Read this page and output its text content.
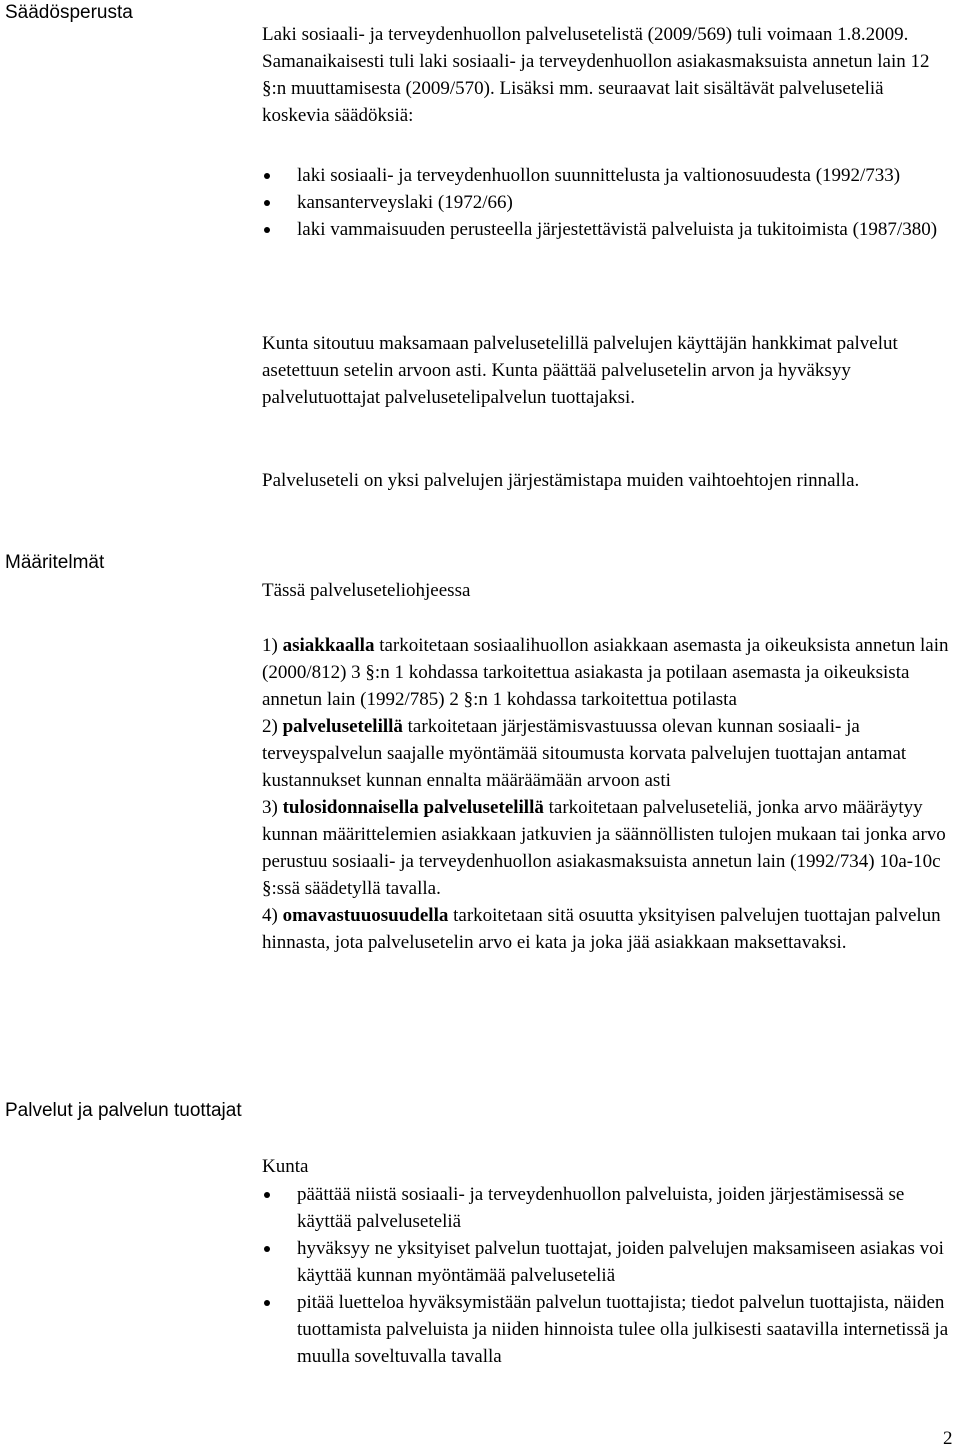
Säädösperusta

Laki sosiaali- ja terveydenhuollon palvelusetelistä (2009/569) tuli voimaan 1.8.2009. Samanaikaisesti tuli laki sosiaali- ja terveydenhuollon asiakasmaksuista annetun lain 12 §:n muuttamisesta (2009/570). Lisäksi mm. seuraavat lait sisältävät palveluseteliä koskevia säädöksiä:

laki sosiaali- ja terveydenhuollon suunnittelusta ja valtionosuudesta (1992/733)
kansanterveyslaki (1972/66)
laki vammaisuuden perusteella järjestettävistä palveluista ja tukitoimista (1987/380)

Kunta sitoutuu maksamaan palvelusetelillä palvelujen käyttäjän hankkimat palvelut asetettuun setelin arvoon asti. Kunta päättää palvelusetelin arvon ja hyväksyy palvelutuottajat palvelusetelipalvelun tuottajaksi.

Palveluseteli on yksi palvelujen järjestämistapa muiden vaihtoehtojen rinnalla.

Määritelmät

Tässä palveluseteliohjeessa

1) asiakkaalla tarkoitetaan sosiaalihuollon asiakkaan asemasta ja oikeuksista annetun lain (2000/812) 3 §:n 1 kohdassa tarkoitettua asiakasta ja potilaan asemasta ja oikeuksista annetun lain (1992/785) 2 §:n 1 kohdassa tarkoitettua potilasta

2) palvelusetelillä tarkoitetaan järjestämisvastuussa olevan kunnan sosiaali- ja terveyspalvelun saajalle myöntämää sitoumusta korvata palvelujen tuottajan antamat kustannukset kunnan ennalta määräämään arvoon asti

3) tulosidonnaisella palvelusetelillä tarkoitetaan palveluseteliä, jonka arvo määräytyy kunnan määrittelemien asiakkaan jatkuvien ja säännöllisten tulojen mukaan tai jonka arvo perustuu sosiaali- ja terveydenhuollon asiakasmaksuista annetun lain (1992/734) 10a-10c §:ssä säädetyllä tavalla.

4) omavastuuosuudella tarkoitetaan sitä osuutta yksityisen palvelujen tuottajan palvelun hinnasta, jota palvelusetelin arvo ei kata ja joka jää asiakkaan maksettavaksi.

Palvelut ja palvelun tuottajat

Kunta

päättää niistä sosiaali- ja terveydenhuollon palveluista, joiden järjestämisessä se käyttää palveluseteliä
hyväksyy ne yksityiset palvelun tuottajat, joiden palvelujen maksamiseen asiakas voi käyttää kunnan myöntämää palveluseteliä
pitää luetteloa hyväksymistään palvelun tuottajista; tiedot palvelun tuottajista, näiden tuottamista palveluista ja niiden hinnoista tulee olla julkisesti saatavilla internetissä ja muulla soveltuvalla tavalla
2
